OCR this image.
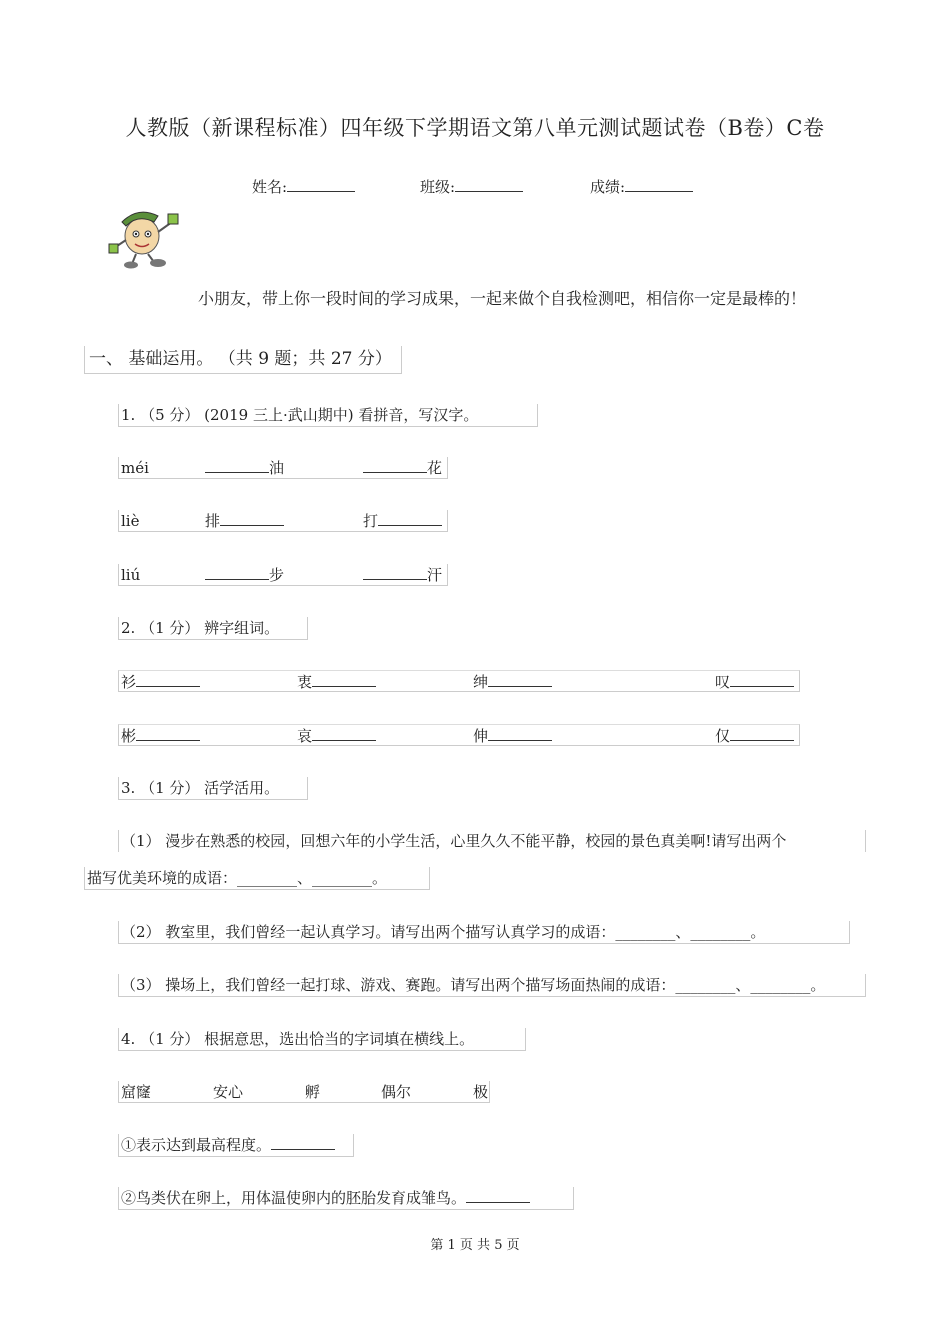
人教版（新课程标准）四年级下学期语文第八单元测试题试卷（B卷）C卷
姓名:	班级:	成绩:
小朋友，带上你一段时间的学习成果，一起来做个自我检测吧，相信你一定是最棒的！
一、 基础运用。 （共 9 题；共 27 分）
1. （5 分） (2019 三上·武山期中) 看拼音，写汉字。
méi	油	花
liè	排	打
liú	步	汗
2. （1 分） 辨字组词。
衫	衷	绅	叹
彬	哀	伸	仅
3. （1 分） 活学活用。
（1） 漫步在熟悉的校园，回想六年的小学生活，心里久久不能平静，校园的景色真美啊!请写出两个
描写优美环境的成语：________、________。
（2） 教室里，我们曾经一起认真学习。请写出两个描写认真学习的成语：________、________。
（3） 操场上，我们曾经一起打球、游戏、赛跑。请写出两个描写场面热闹的成语：________、________。
4. （1 分） 根据意思，选出恰当的字词填在横线上。
窟窿	安心	孵	偶尔	极
①表示达到最高程度。
②鸟类伏在卵上，用体温使卵内的胚胎发育成雏鸟。
第 1 页 共 5 页
